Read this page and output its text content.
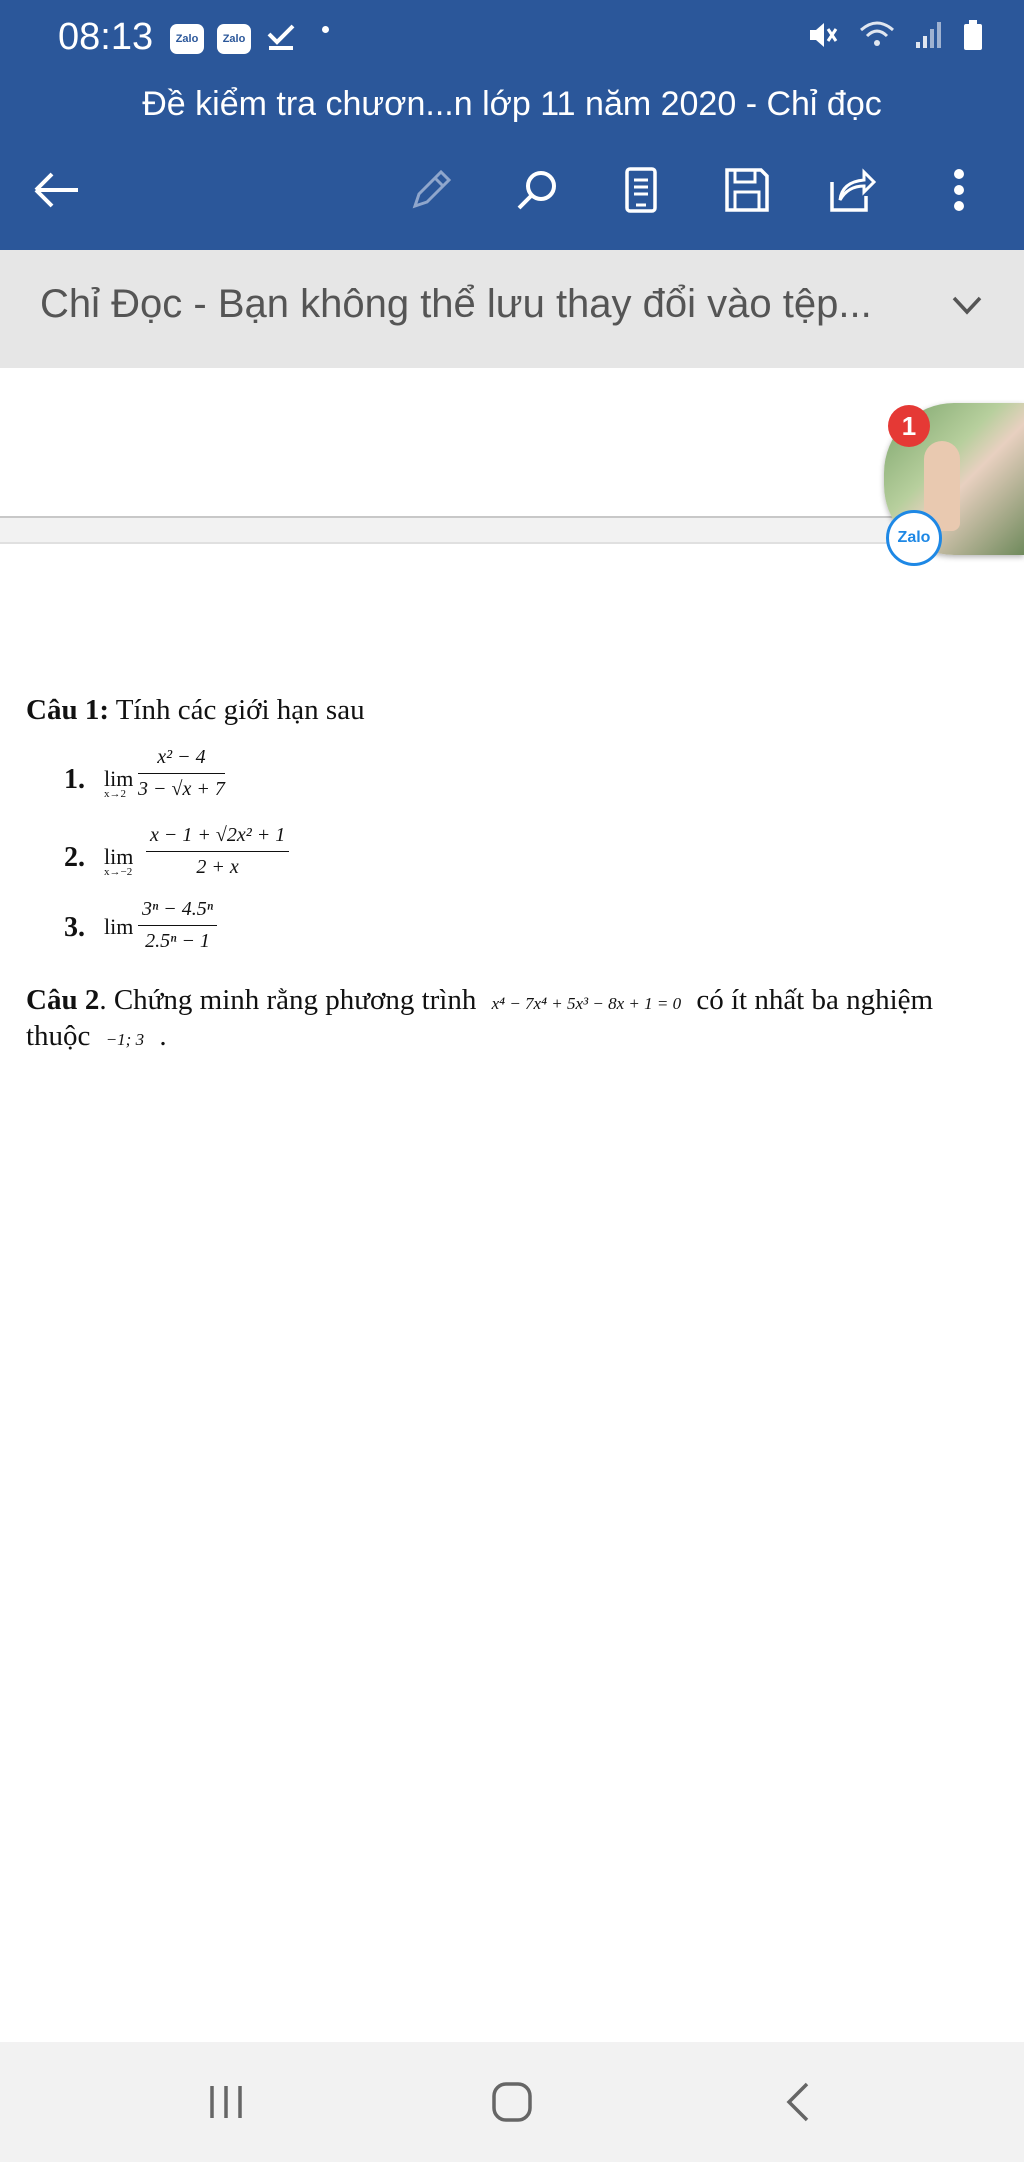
08:13	Zalo	Zalo
Đề kiểm tra chươn...n lớp 11 năm 2020 - Chỉ đọc
Chỉ Đọc - Bạn không thể lưu thay đổi vào tệp...
1
Zalo
Câu 1: Tính các giới hạn sau
1. lim
$x\to 2 \frac{\text{x² − 4}}{3 - √x + 7}$
2. lim
$x\to-2 \frac{\text{x − 1 + √2x² + 1}}{2 + x}$
3. $\lim \frac{\text{3ⁿ − 4.5ⁿ}}{\text{2.5ⁿ − 1}}$
Câu 2. Chứng minh rằng phương trình x⁴ − 7x⁴ + 5x³ − 8x + 1 = 0 có ít nhất ba nghiệm
thuộc −1; 3 .
